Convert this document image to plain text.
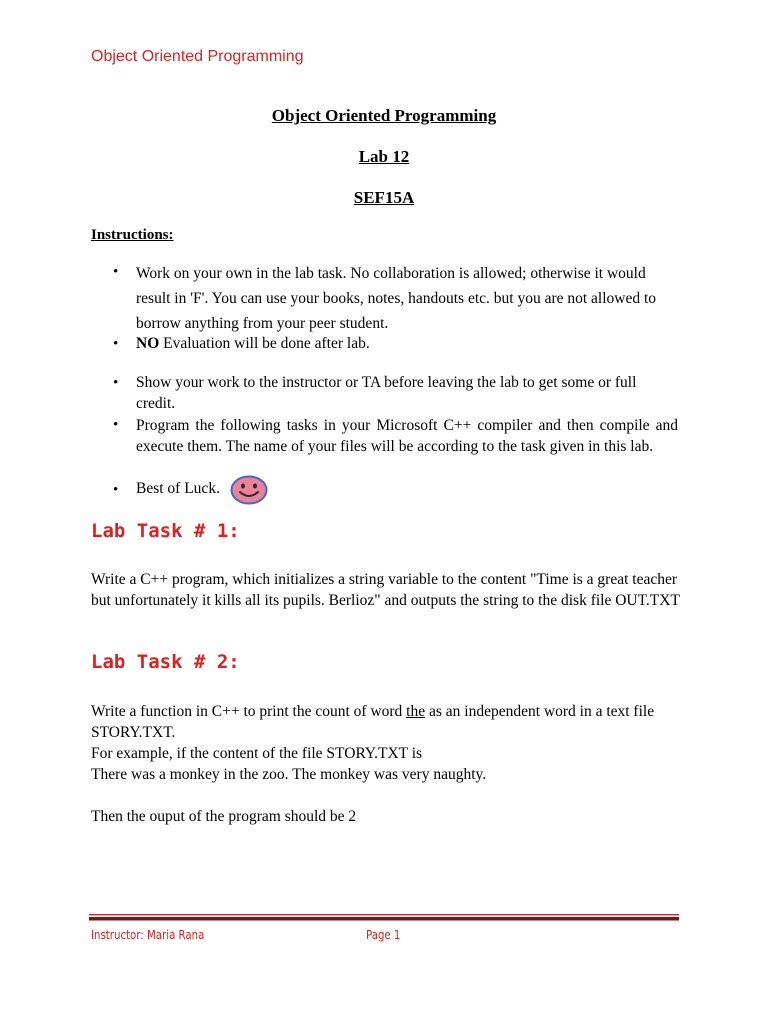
Object Oriented Programming
Object Oriented Programming
Lab 12
SEF15A
Instructions:
• Work on your own in the lab task. No collaboration is allowed; otherwise it would result in 'F'. You can use your books, notes, handouts etc. but you are not allowed to borrow anything from your peer student.
• NO Evaluation will be done after lab.
• Show your work to the instructor or TA before leaving the lab to get some or full credit.
• Program the following tasks in your Microsoft C++ compiler and then compile and execute them. The name of your files will be according to the task given in this lab.
• Best of Luck.
Lab Task # 1:
Write a C++ program, which initializes a string variable to the content "Time is a great teacher but unfortunately it kills all its pupils. Berlioz" and outputs the string to the disk file OUT.TXT
Lab Task # 2:
Write a function in C++ to print the count of word the as an independent word in a text file STORY.TXT.
For example, if the content of the file STORY.TXT is
There was a monkey in the zoo. The monkey was very naughty.
Then the ouput of the program should be 2
Instructor: Maria Rana	Page 1
